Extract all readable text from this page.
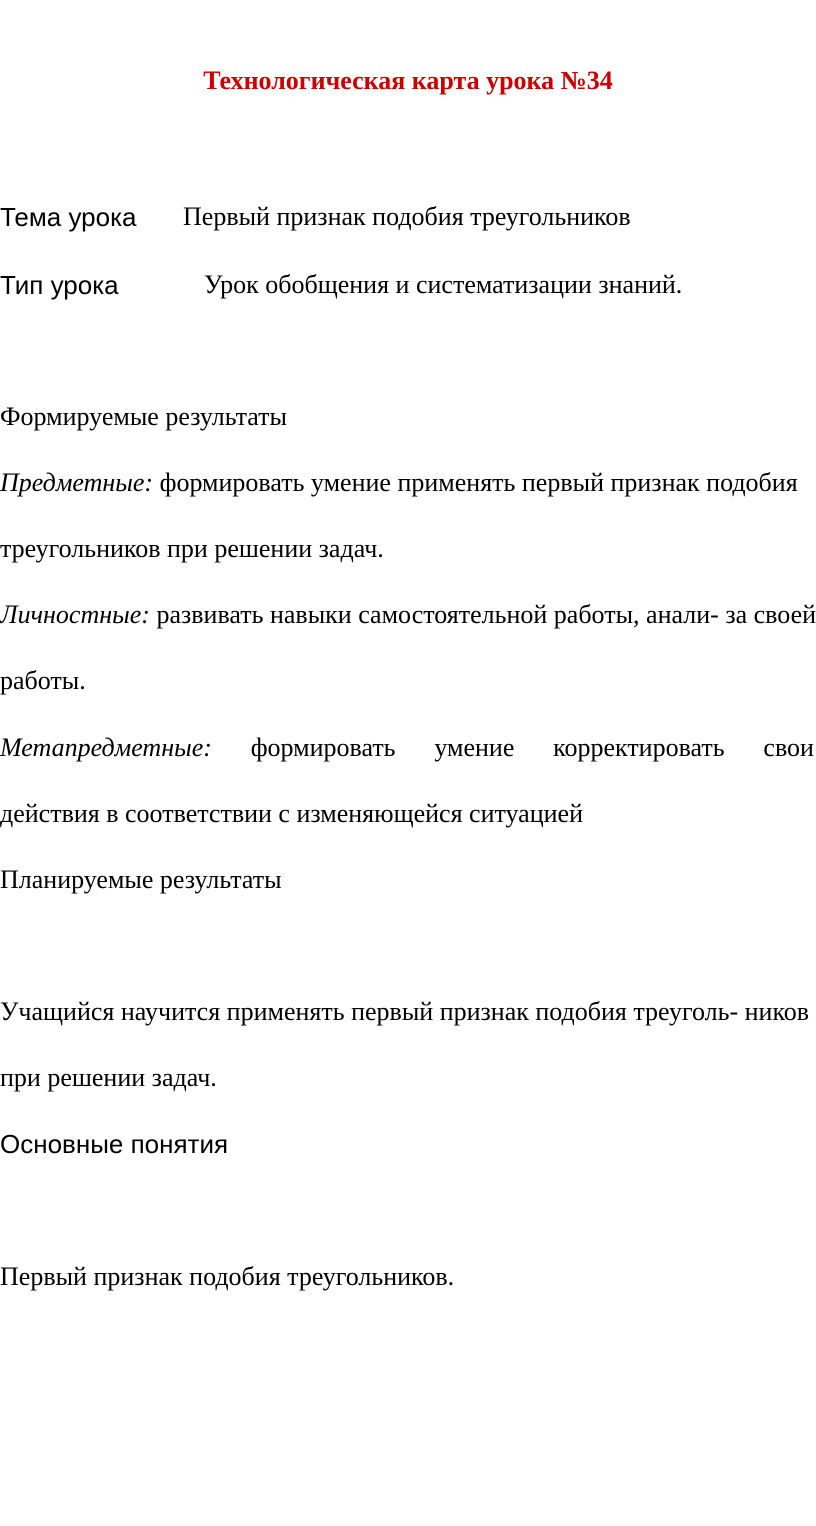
Технологическая карта урока №34
Тема урока Первый признак подобия треугольников
Тип урока	Урок обобщения и систематизации знаний.
Формируемые результаты
Предметные: формировать умение применять первый признак подобия
треугольников при решении задач.
Личностные: развивать навыки самостоятельной работы, анали- за своей
работы.
Метапредметные: формировать умение корректировать свои
действия в соответствии с изменяющейся ситуацией
Планируемые результаты
Учащийся научится применять первый признак подобия треуголь- ников
при решении задач.
Основные понятия
Первый признак подобия треугольников.
